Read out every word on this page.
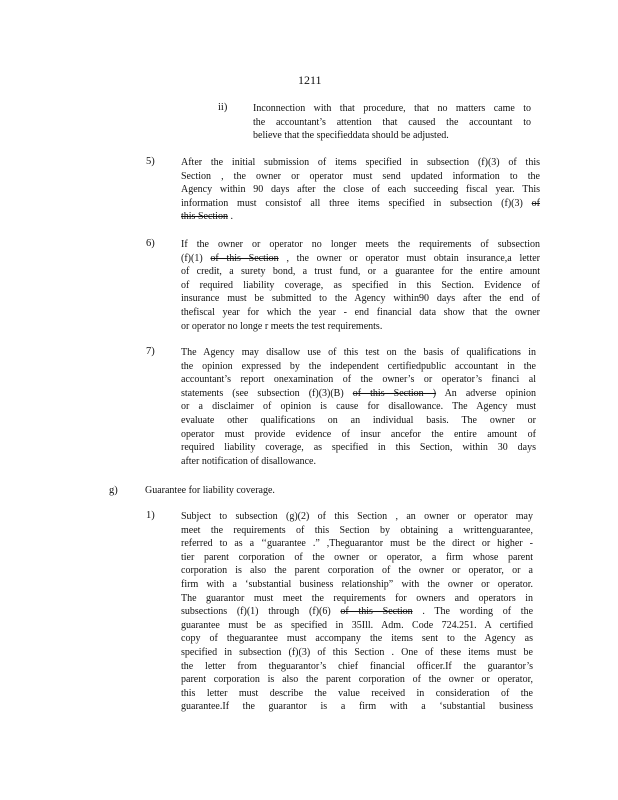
1211
ii)	Inconnection with that procedure, that no matters came to
the accountant’s attention that caused the accountant to
believe that the specifieddata should be adjusted.
5)	After the initial submission of items specified in subsection (f)(3) of this
Section , the owner or operator must send updated information to the
Agency within 90 days after the close of each succeeding fiscal year. This
information must consistof all three items specified in subsection (f)(3) of
this Section .
6)	If the owner or operator no longer meets the requirements of subsection
(f)(1) of this Section , the owner or operator must obtain insurance,a letter
of credit, a surety bond, a trust fund, or a guarantee for the entire amount
of required liability coverage, as specified in this Section. Evidence of
insurance must be submitted to the Agency within90 days after the end of
thefiscal year for which the year - end financial data show that the owner
or operator no longe r meets the test requirements.
7)	The Agency may disallow use of this test on the basis of qualifications in
the opinion expressed by the independent certifiedpublic accountant in the
accountant’s report onexamination of the owner’s or operator’s financi al
statements (see subsection (f)(3)(B) of this Section ) An adverse opinion
or a disclaimer of opinion is cause for disallowance. The Agency must
evaluate other qualifications on an individual basis. The owner or
operator must provide evidence of insur ancefor the entire amount of
required liability coverage, as specified in this Section, within 30 days
after notification of disallowance.
g)	Guarantee for liability coverage.
1)	Subject to subsection (g)(2) of this Section , an owner or operator may
meet the requirements of this Section by obtaining a writtenguarantee,
referred to as a ‘‘guarantee .” ,Theguarantor must be the direct or higher -
tier parent corporation of the owner or operator, a firm whose parent
corporation is also the parent corporation of the owner or operator, or a
firm with a ‘substantial business relationship” with the owner or operator.
The guarantor must meet the requirements for owners and operators in
subsections (f)(1) through (f)(6) of this Section . The wording of the
guarantee must be as specified in 35Ill. Adm. Code 724.251. A certified
copy of theguarantee must accompany the items sent to the Agency as
specified in subsection (f)(3) of this Section . One of these items must be
the letter from theguarantor’s chief financial officer.If the guarantor’s
parent corporation is also the parent corporation of the owner or operator,
this letter must describe the value received in consideration of the
guarantee.If the guarantor is a firm with a ‘substantial business
